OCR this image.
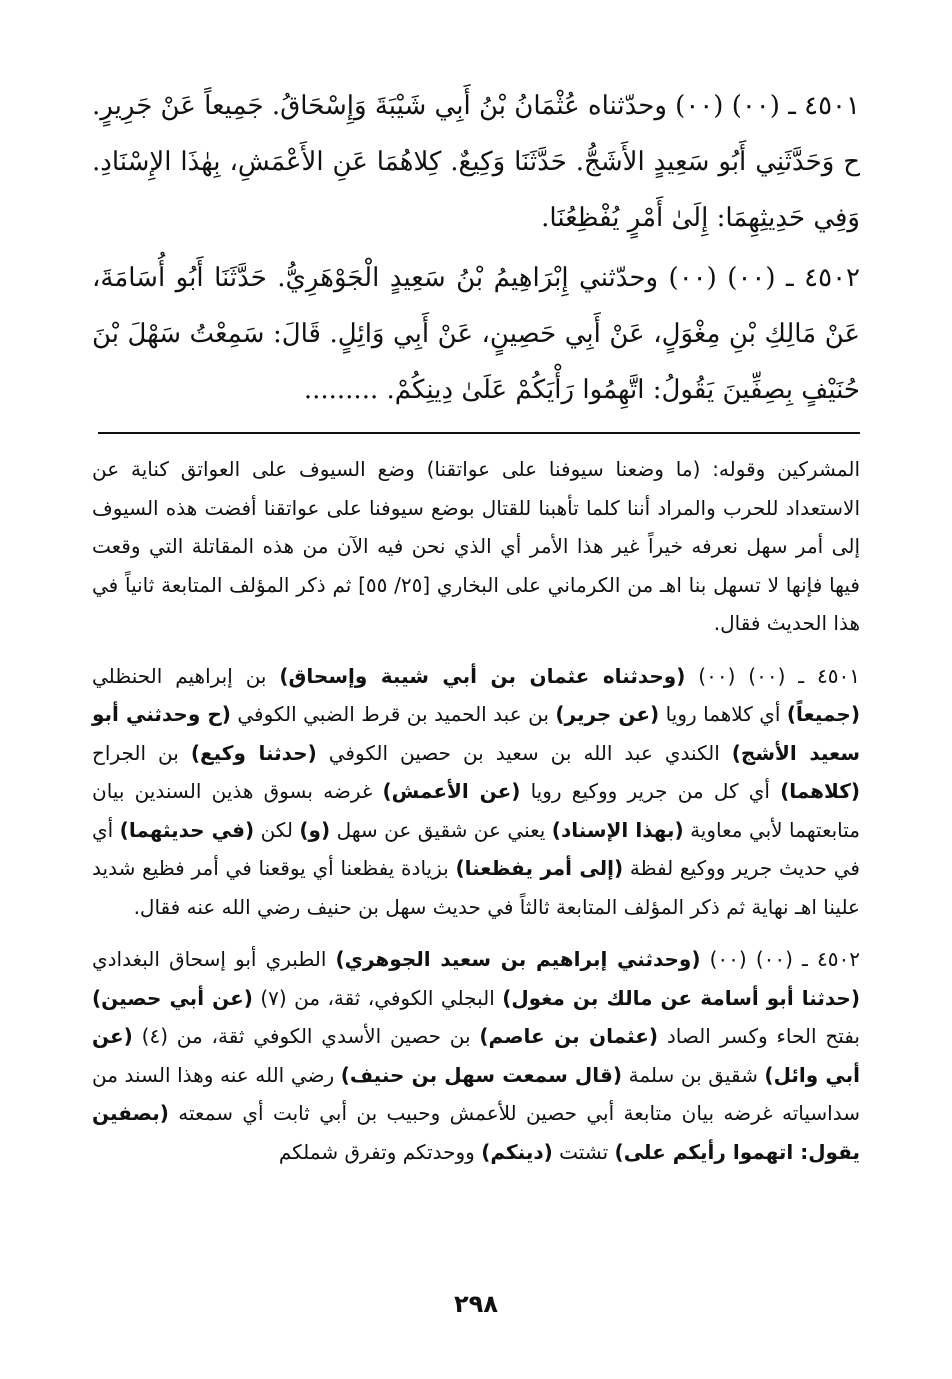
٤٥٠١ ـ (٠٠) (٠٠) وحدّثناه عُثْمَانُ بْنُ أَبِي شَيْبَةَ وَإِسْحَاقُ. جَمِيعاً عَنْ جَرِيرٍ. ح وَحَدَّثَنِي أَبُو سَعِيدٍ الأَشَجُّ. حَدَّثَنَا وَكِيعٌ. كِلاهُمَا عَنِ الأَعْمَشِ، بِهٰذَا الإِسْنَادِ. وَفِي حَدِيثِهِمَا: إِلَىٰ أَمْرٍ يُفْظِعُنَا.

٤٥٠٢ ـ (٠٠) (٠٠) وحدّثني إِبْرَاهِيمُ بْنُ سَعِيدٍ الْجَوْهَرِيُّ. حَدَّثَنَا أَبُو أُسَامَةَ، عَنْ مَالِكِ بْنِ مِغْوَلٍ، عَنْ أَبِي حَصِينٍ، عَنْ أَبِي وَائِلٍ. قَالَ: سَمِعْتُ سَهْلَ بْنَ حُنَيْفٍ بِصِفِّينَ يَقُولُ: اتَّهِمُوا رَأْيَكُمْ عَلَىٰ دِينِكُمْ. .........

المشركين وقوله: (ما وضعنا سيوفنا على عواتقنا) وضع السيوف على العواتق كناية عن الاستعداد للحرب والمراد أننا كلما تأهبنا للقتال بوضع سيوفنا على عواتقنا أفضت هذه السيوف إلى أمر سهل نعرفه خيراً غير هذا الأمر أي الذي نحن فيه الآن من هذه المقاتلة التي وقعت فيها فإنها لا تسهل بنا اهـ من الكرماني على البخاري [٢٥/ ٥٥] ثم ذكر المؤلف المتابعة ثانياً في هذا الحديث فقال.

٤٥٠١ ـ (٠٠) (٠٠) (وحدثناه عثمان بن أبي شيبة وإسحاق) بن إبراهيم الحنظلي (جميعاً) أي كلاهما رويا (عن جرير) بن عبد الحميد بن قرط الضبي الكوفي (ح وحدثني أبو سعيد الأشج) الكندي عبد الله بن سعيد بن حصين الكوفي (حدثنا وكيع) بن الجراح (كلاهما) أي كل من جرير ووكيع رويا (عن الأعمش) غرضه بسوق هذين السندين بيان متابعتهما لأبي معاوية (بهذا الإسناد) يعني عن شقيق عن سهل (و) لكن (في حديثهما) أي في حديث جرير ووكيع لفظة (إلى أمر يفظعنا) بزيادة يفظعنا أي يوقعنا في أمر فظيع شديد علينا اهـ نهاية ثم ذكر المؤلف المتابعة ثالثاً في حديث سهل بن حنيف رضي الله عنه فقال.

٤٥٠٢ ـ (٠٠) (٠٠) (وحدثني إبراهيم بن سعيد الجوهري) الطبري أبو إسحاق البغدادي (حدثنا أبو أسامة عن مالك بن مغول) البجلي الكوفي، ثقة، من (٧) (عن أبي حصين) بفتح الحاء وكسر الصاد (عثمان بن عاصم) بن حصين الأسدي الكوفي ثقة، من (٤) (عن أبي وائل) شقيق بن سلمة (قال سمعت سهل بن حنيف) رضي الله عنه وهذا السند من سداسياته غرضه بيان متابعة أبي حصين للأعمش وحبيب بن أبي ثابت أي سمعته (بصفين يقول: اتهموا رأيكم على) تشتت (دينكم) ووحدتكم وتفرق شملكم

٢٩٨
